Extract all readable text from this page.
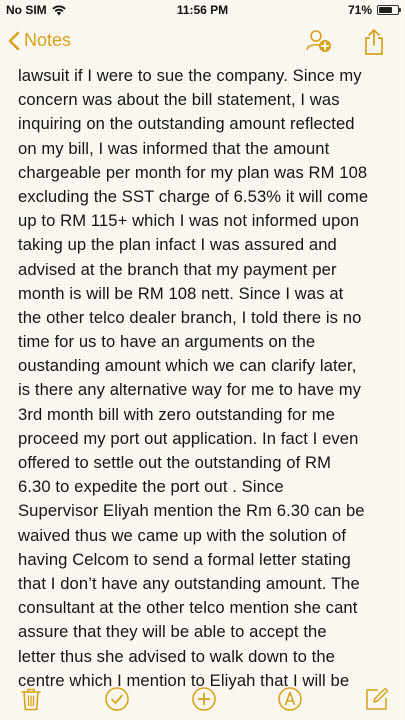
No SIM	11:56 PM	71%
Notes
lawsuit if I were to sue the company. Since my
concern was about the bill statement, I was
inquiring on the outstanding amount reflected
on my bill, I was informed that the amount
chargeable per month for my plan was RM 108
excluding the SST charge of 6.53% it will come
up to RM 115+ which I was not informed upon
taking up the plan infact I was assured and
advised at the branch that my payment per
month is will be RM 108 nett. Since I was at
the other telco dealer branch, I told there is no
time for us to have an arguments on the
oustanding amount which we can clarify later,
is there any alternative way for me to have my
3rd month bill with zero outstanding for me
proceed my port out application. In fact I even
offered to settle out the outstanding of RM
6.30 to expedite the port out . Since
Supervisor Eliyah mention the Rm 6.30 can be
waived thus we came up with the solution of
having Celcom to send a formal letter stating
that I don’t have any outstanding amount. The
consultant at the other telco mention she cant
assure that they will be able to accept the
letter thus she advised to walk down to the
centre which I mention to Eliyah that I will be
